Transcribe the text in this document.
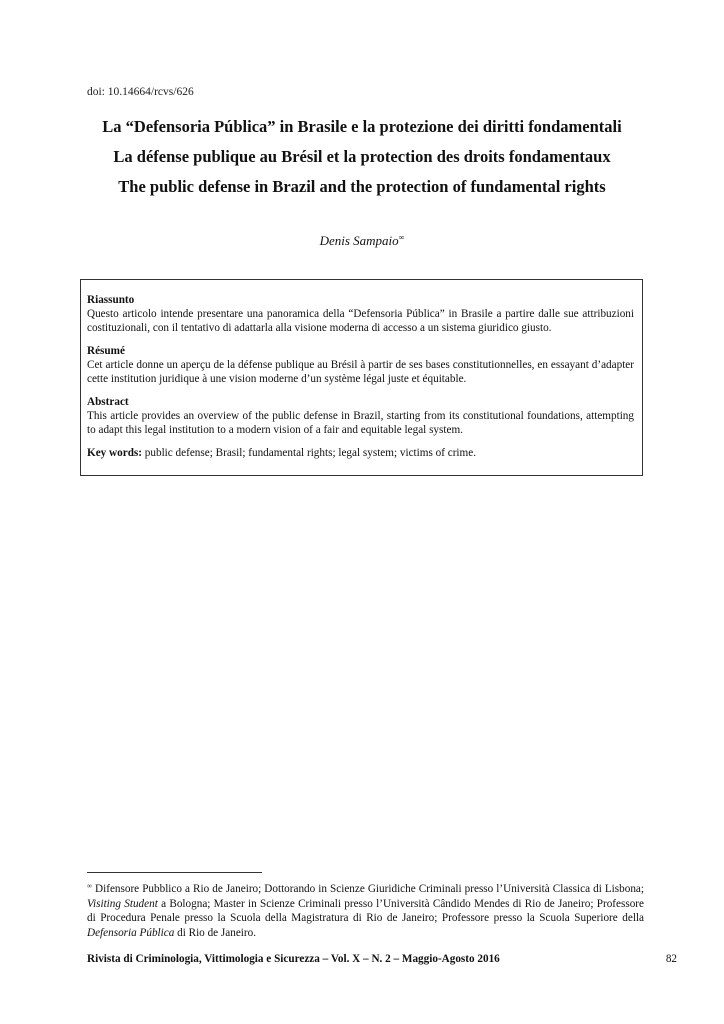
doi: 10.14664/rcvs/626
La “Defensoria Pública” in Brasile e la protezione dei diritti fondamentali
La défense publique au Brésil et la protection des droits fondamentaux
The public defense in Brazil and the protection of fundamental rights
Denis Sampaio∞
Riassunto
Questo articolo intende presentare una panoramica della “Defensoria Pública” in Brasile a partire dalle sue attribuzioni costituzionali, con il tentativo di adattarla alla visione moderna di accesso a un sistema giuridico giusto.
Résumé
Cet article donne un aperçu de la défense publique au Brésil à partir de ses bases constitutionnelles, en essayant d’adapter cette institution juridique à une vision moderne d’un système légal juste et équitable.
Abstract
This article provides an overview of the public defense in Brazil, starting from its constitutional foundations, attempting to adapt this legal institution to a modern vision of a fair and equitable legal system.
Key words: public defense; Brasil; fundamental rights; legal system; victims of crime.
∞ Difensore Pubblico a Rio de Janeiro; Dottorando in Scienze Giuridiche Criminali presso l’Università Classica di Lisbona; Visiting Student a Bologna; Master in Scienze Criminali presso l’Università Cândido Mendes di Rio de Janeiro; Professore di Procedura Penale presso la Scuola della Magistratura di Rio de Janeiro; Professore presso la Scuola Superiore della Defensoria Pública di Rio de Janeiro.
Rivista di Criminologia, Vittimologia e Sicurezza – Vol. X – N. 2 – Maggio-Agosto 2016	82
